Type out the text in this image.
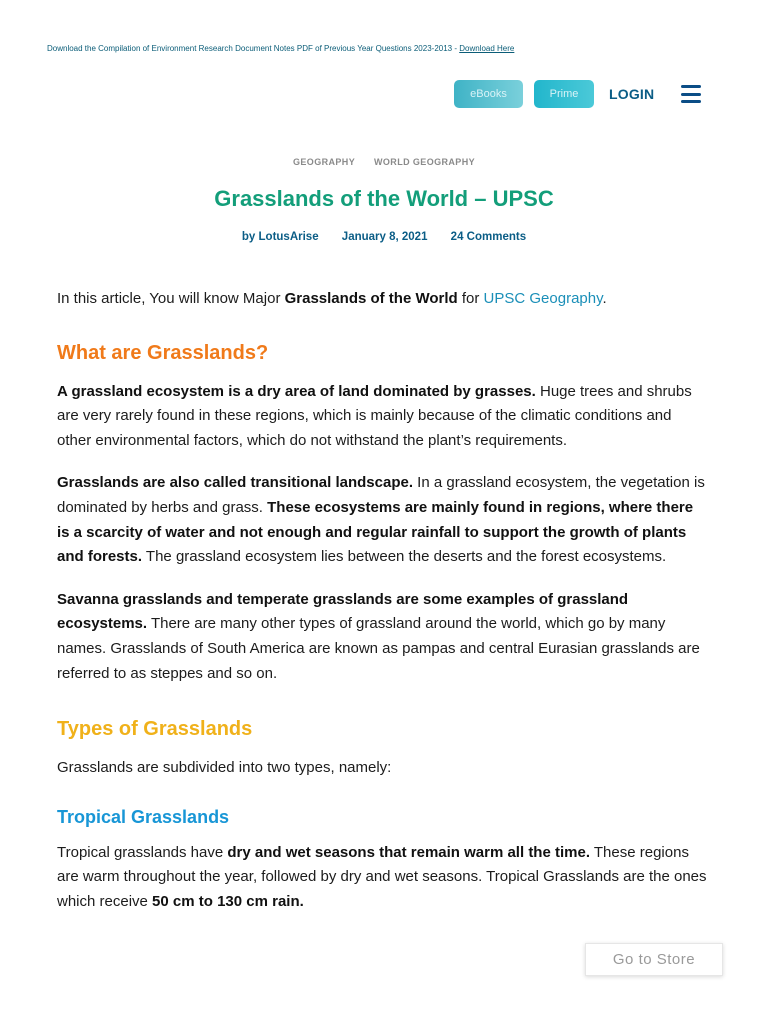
Download the Compilation of Environment Research Document Notes PDF of Previous Year Questions 2023-2013 - Download Here
eBooks	Prime	LOGIN
GEOGRAPHY WORLD GEOGRAPHY
Grasslands of the World – UPSC
by LotusArise January 8, 2021 24 Comments

In this article, You will know Major Grasslands of the World for UPSC Geography.

What are Grasslands?

A grassland ecosystem is a dry area of land dominated by grasses. Huge trees and shrubs are very rarely found in these regions, which is mainly because of the climatic conditions and other environmental factors, which do not withstand the plant’s requirements.

Grasslands are also called transitional landscape. In a grassland ecosystem, the vegetation is dominated by herbs and grass. These ecosystems are mainly found in regions, where there is a scarcity of water and not enough and regular rainfall to support the growth of plants and forests. The grassland ecosystem lies between the deserts and the forest ecosystems.

Savanna grasslands and temperate grasslands are some examples of grassland ecosystems. There are many other types of grassland around the world, which go by many names. Grasslands of South America are known as pampas and central Eurasian grasslands are referred to as steppes and so on.

Types of Grasslands

Grasslands are subdivided into two types, namely:

Tropical Grasslands

Tropical grasslands have dry and wet seasons that remain warm all the time. These regions are warm throughout the year, followed by dry and wet seasons. Tropical Grasslands are the ones which receive 50 cm to 130 cm rain.

Go to Store
